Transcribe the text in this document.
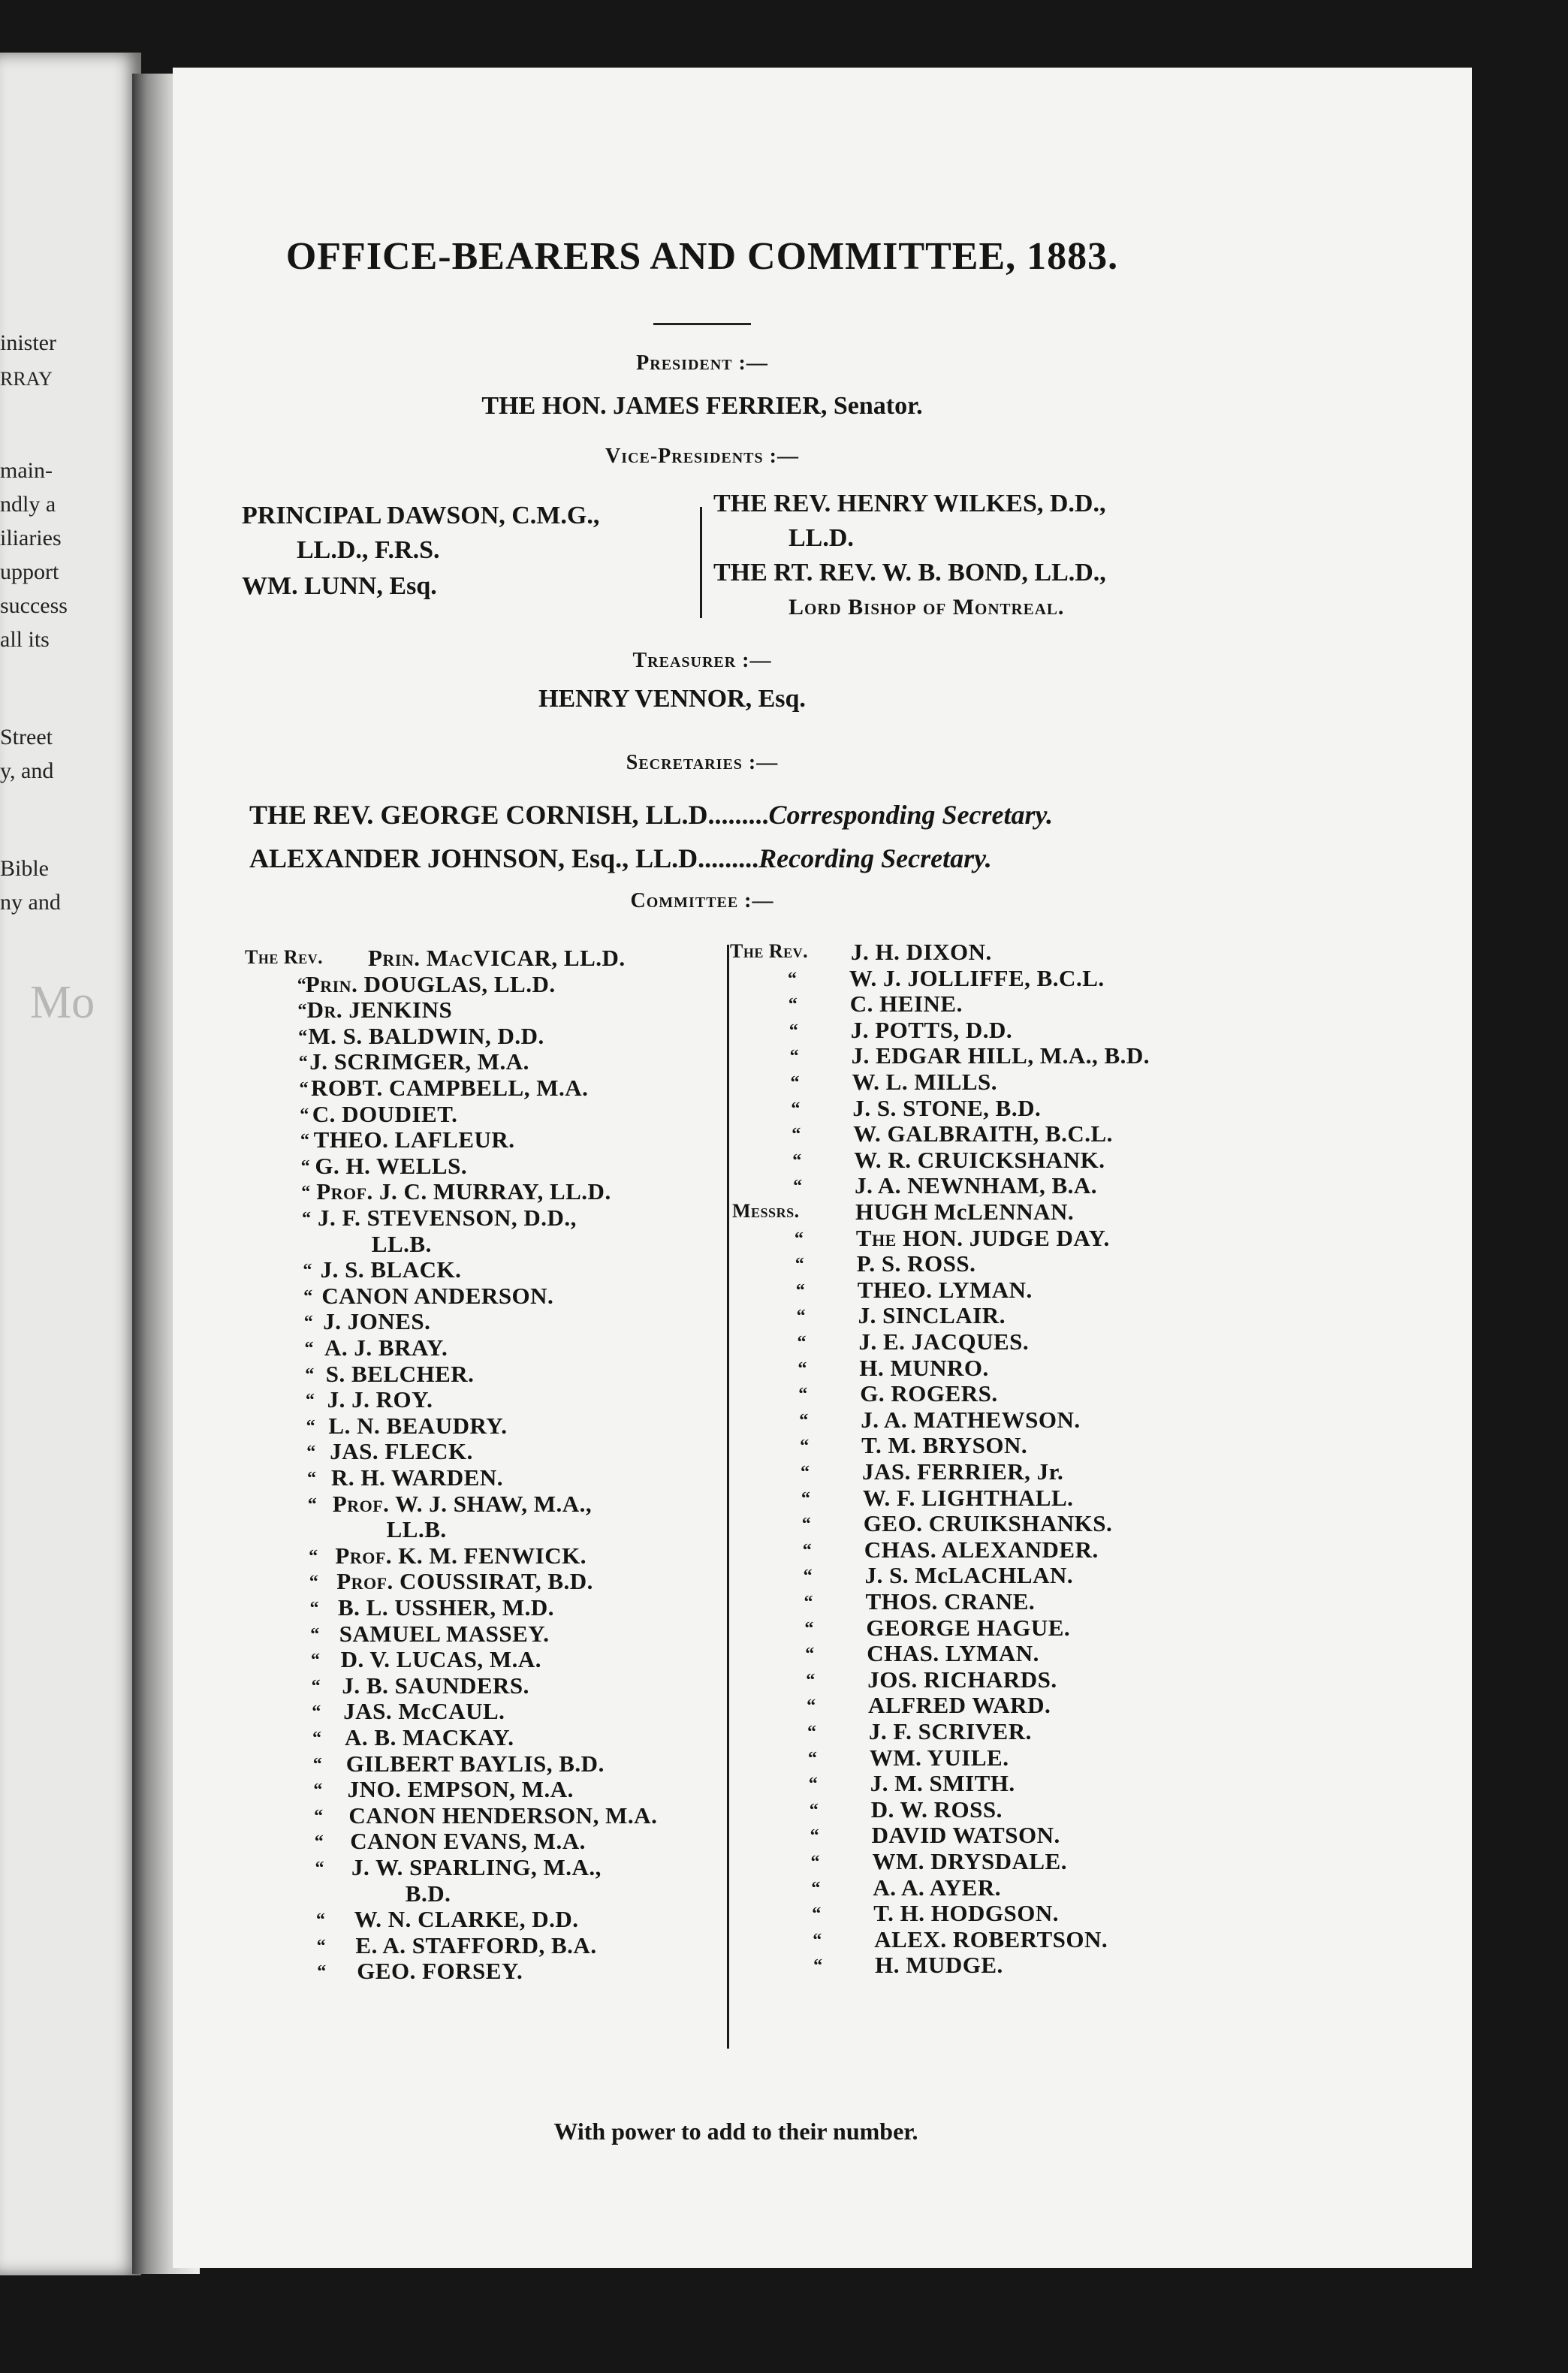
inister
RRAY
main-
ndly a
iliaries
upport
success
all its
Street
y, and
Bible
ny and
Mo
OFFICE-BEARERS AND COMMITTEE, 1883.
President :—
THE HON. JAMES FERRIER, Senator.
Vice-Presidents :—
PRINCIPAL DAWSON, C.M.G.,
LL.D., F.R.S.
WM. LUNN, Esq.
THE REV. HENRY WILKES, D.D.,
LL.D.
THE RT. REV. W. B. BOND, LL.D.,
Lord Bishop of Montreal.
Treasurer :—
HENRY VENNOR, Esq.
Secretaries :—
THE REV. GEORGE CORNISH, LL.D.........Corresponding Secretary.
ALEXANDER JOHNSON, Esq., LL.D.........Recording Secretary.
Committee :—
With power to add to their number.
The Rev. Prin. MacVICAR, LL.D.
“ Prin. DOUGLAS, LL.D.
“ Dr. JENKINS
“ M. S. BALDWIN, D.D.
“ J. SCRIMGER, M.A.
“ ROBT. CAMPBELL, M.A.
“ C. DOUDIET.
“ THEO. LAFLEUR.
“ G. H. WELLS.
“ Prof. J. C. MURRAY, LL.D.
“ J. F. STEVENSON, D.D.,
LL.B.
“ J. S. BLACK.
“ CANON ANDERSON.
“ J. JONES.
“ A. J. BRAY.
“ S. BELCHER.
“ J. J. ROY.
“ L. N. BEAUDRY.
“ JAS. FLECK.
“ R. H. WARDEN.
“ Prof. W. J. SHAW, M.A.,
LL.B.
“ Prof. K. M. FENWICK.
“ Prof. COUSSIRAT, B.D.
“ B. L. USSHER, M.D.
“ SAMUEL MASSEY.
“ D. V. LUCAS, M.A.
“ J. B. SAUNDERS.
“ JAS. McCAUL.
“ A. B. MACKAY.
“ GILBERT BAYLIS, B.D.
“ JNO. EMPSON, M.A.
“ CANON HENDERSON, M.A.
“ CANON EVANS, M.A.
“ J. W. SPARLING, M.A.,
B.D.
“ W. N. CLARKE, D.D.
“ E. A. STAFFORD, B.A.
“ GEO. FORSEY.
The Rev. J. H. DIXON.
“ W. J. JOLLIFFE, B.C.L.
“ C. HEINE.
“ J. POTTS, D.D.
“ J. EDGAR HILL, M.A., B.D.
“ W. L. MILLS.
“ J. S. STONE, B.D.
“ W. GALBRAITH, B.C.L.
“ W. R. CRUICKSHANK.
“ J. A. NEWNHAM, B.A.
Messrs. HUGH McLENNAN.
“ The HON. JUDGE DAY.
“ P. S. ROSS.
“ THEO. LYMAN.
“ J. SINCLAIR.
“ J. E. JACQUES.
“ H. MUNRO.
“ G. ROGERS.
“ J. A. MATHEWSON.
“ T. M. BRYSON.
“ JAS. FERRIER, Jr.
“ W. F. LIGHTHALL.
“ GEO. CRUIKSHANKS.
“ CHAS. ALEXANDER.
“ J. S. McLACHLAN.
“ THOS. CRANE.
“ GEORGE HAGUE.
“ CHAS. LYMAN.
“ JOS. RICHARDS.
“ ALFRED WARD.
“ J. F. SCRIVER.
“ WM. YUILE.
“ J. M. SMITH.
“ D. W. ROSS.
“ DAVID WATSON.
“ WM. DRYSDALE.
“ A. A. AYER.
“ T. H. HODGSON.
“ ALEX. ROBERTSON.
“ H. MUDGE.
